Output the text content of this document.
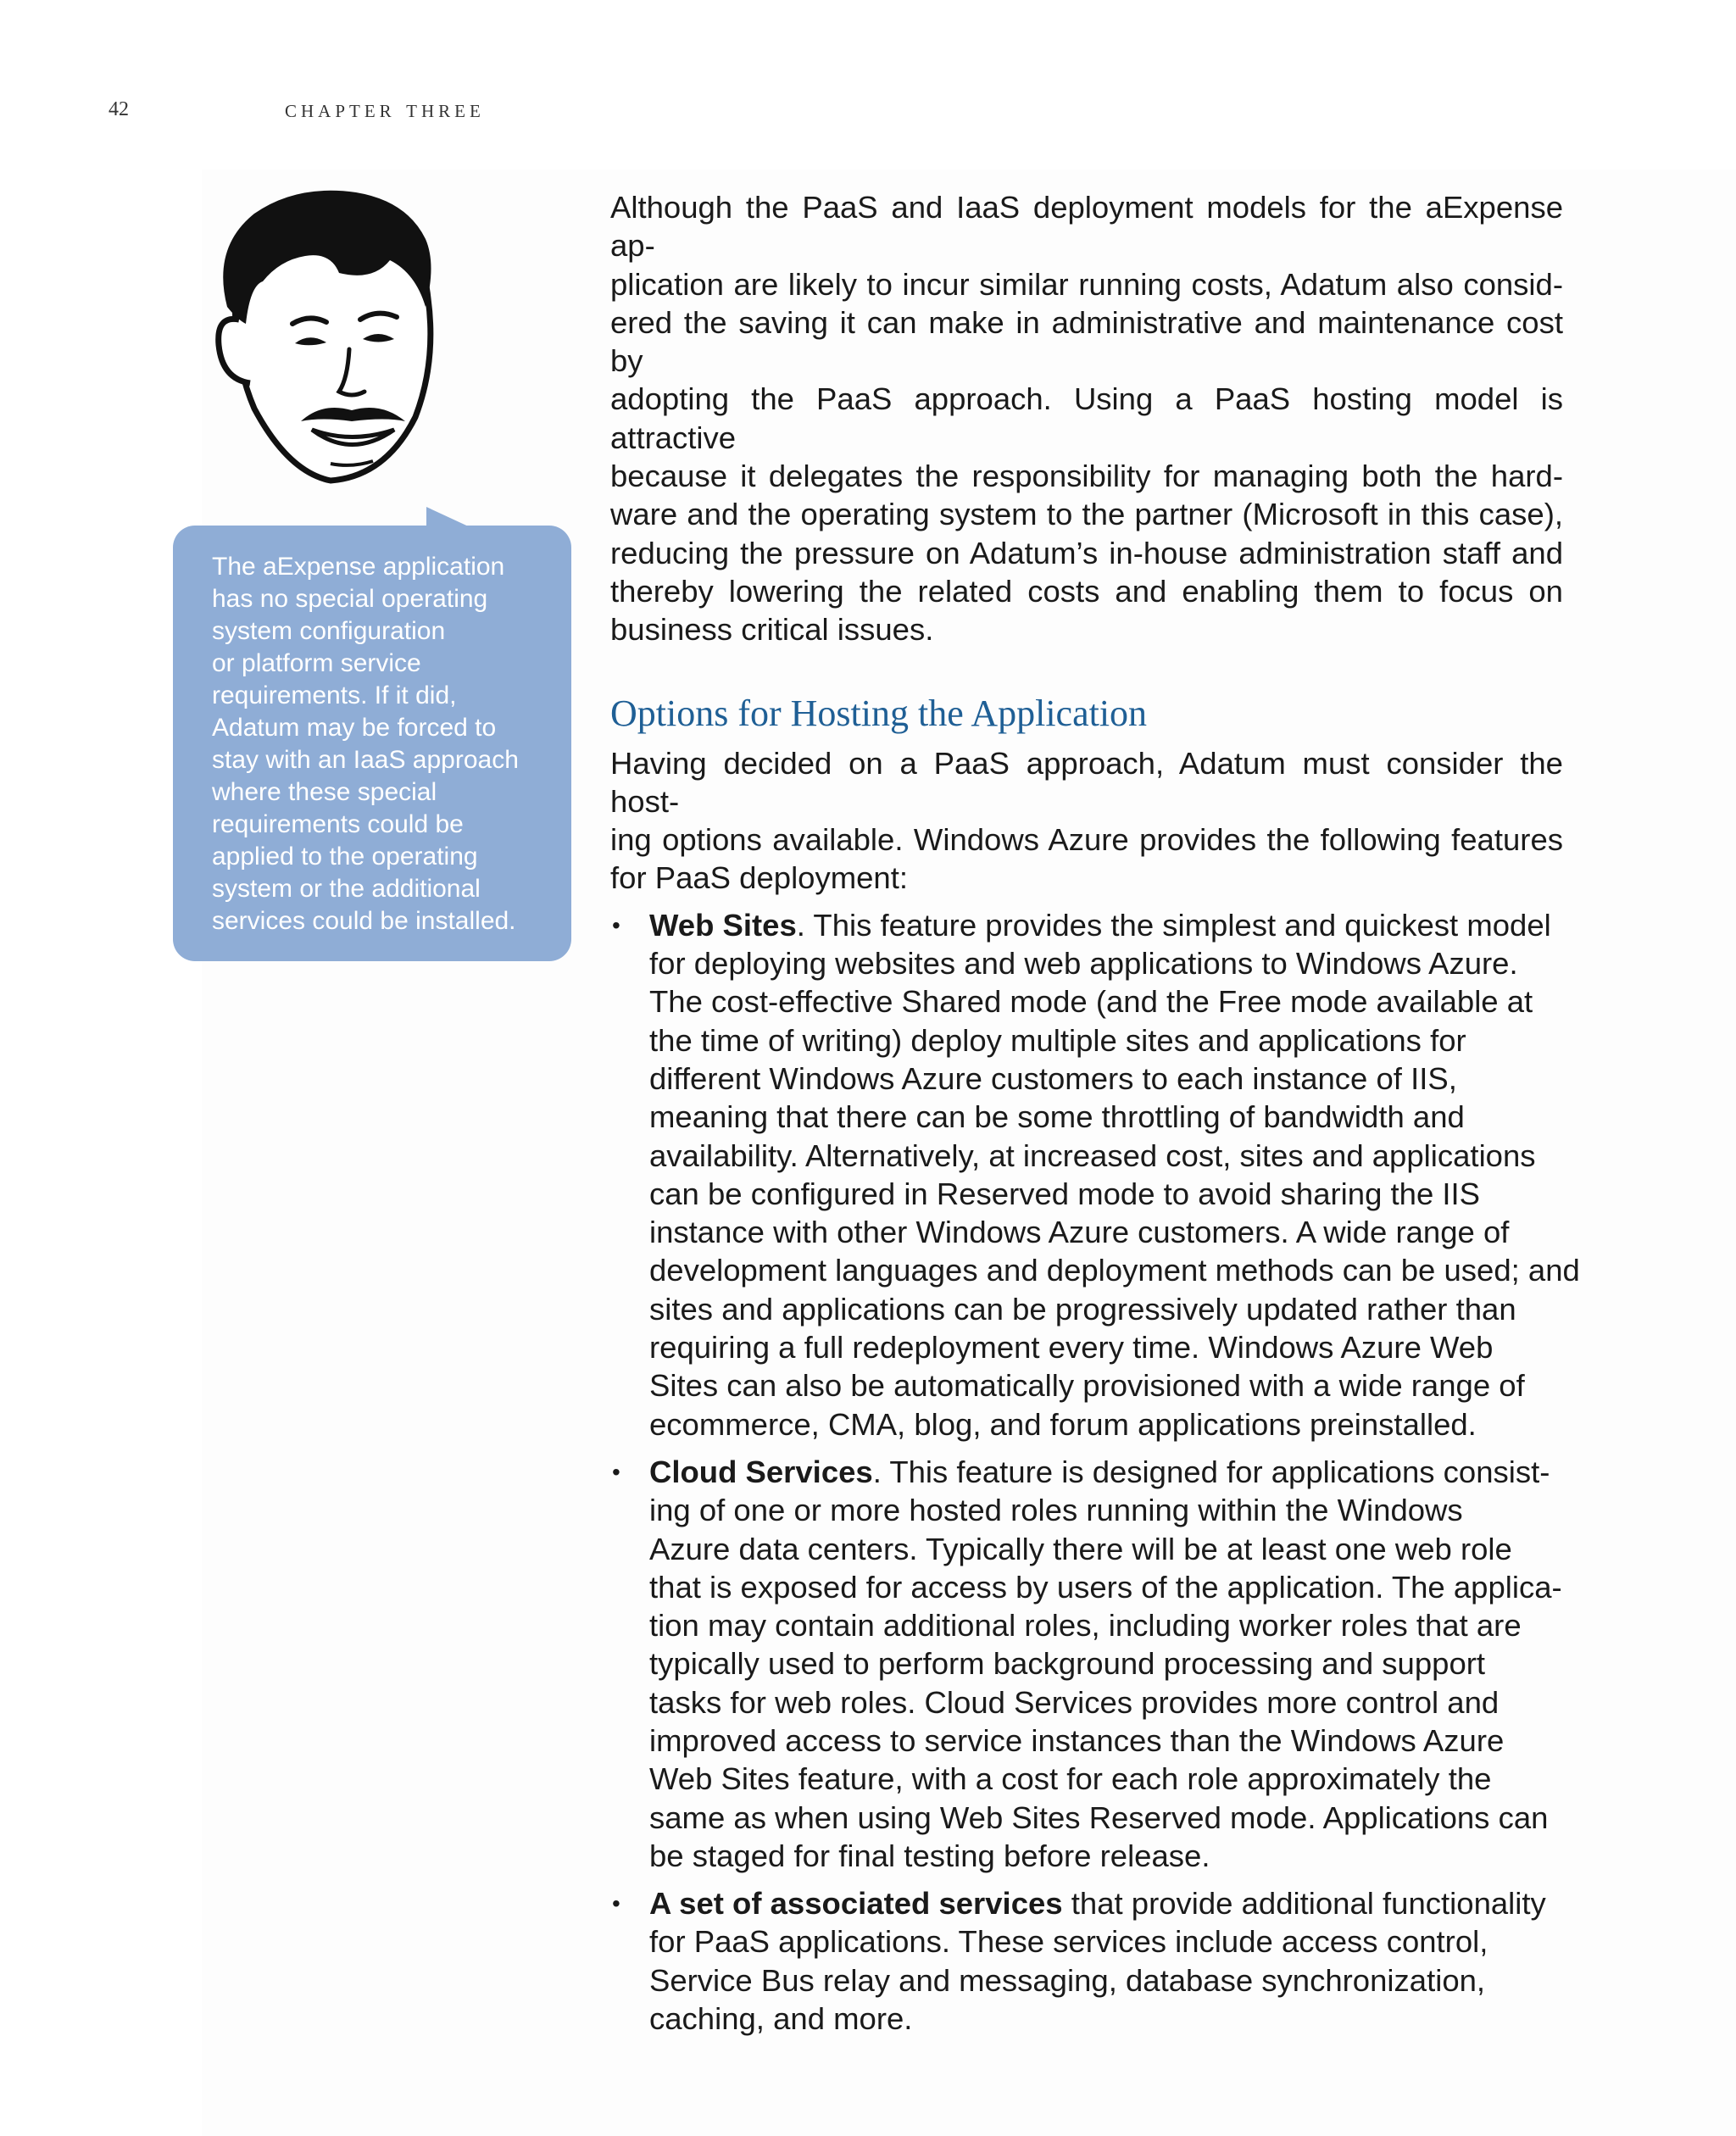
42	chapter three
The aExpense application
has no special operating
system configuration
or platform service
requirements. If it did,
Adatum may be forced to
stay with an IaaS approach
where these special
requirements could be
applied to the operating
system or the additional
services could be installed.

Although the PaaS and IaaS deployment models for the aExpense ap-
plication are likely to incur similar running costs, Adatum also consid-
ered the saving it can make in administrative and maintenance cost by
adopting the PaaS approach. Using a PaaS hosting model is attractive
because it delegates the responsibility for managing both the hard-
ware and the operating system to the partner (Microsoft in this case),
reducing the pressure on Adatum’s in-house administration staff and
thereby lowering the related costs and enabling them to focus on
business critical issues.

Options for Hosting the Application

Having decided on a PaaS approach, Adatum must consider the host-
ing options available. Windows Azure provides the following features
for PaaS deployment:

• Web Sites. This feature provides the simplest and quickest model
for deploying websites and web applications to Windows Azure.
The cost-effective Shared mode (and the Free mode available at
the time of writing) deploy multiple sites and applications for
different Windows Azure customers to each instance of IIS,
meaning that there can be some throttling of bandwidth and
availability. Alternatively, at increased cost, sites and applications
can be configured in Reserved mode to avoid sharing the IIS
instance with other Windows Azure customers. A wide range of
development languages and deployment methods can be used; and
sites and applications can be progressively updated rather than
requiring a full redeployment every time. Windows Azure Web
Sites can also be automatically provisioned with a wide range of
ecommerce, CMA, blog, and forum applications preinstalled.

• Cloud Services. This feature is designed for applications consist-
ing of one or more hosted roles running within the Windows
Azure data centers. Typically there will be at least one web role
that is exposed for access by users of the application. The applica-
tion may contain additional roles, including worker roles that are
typically used to perform background processing and support
tasks for web roles. Cloud Services provides more control and
improved access to service instances than the Windows Azure
Web Sites feature, with a cost for each role approximately the
same as when using Web Sites Reserved mode. Applications can
be staged for final testing before release.

• A set of associated services that provide additional functionality
for PaaS applications. These services include access control,
Service Bus relay and messaging, database synchronization,
caching, and more.
